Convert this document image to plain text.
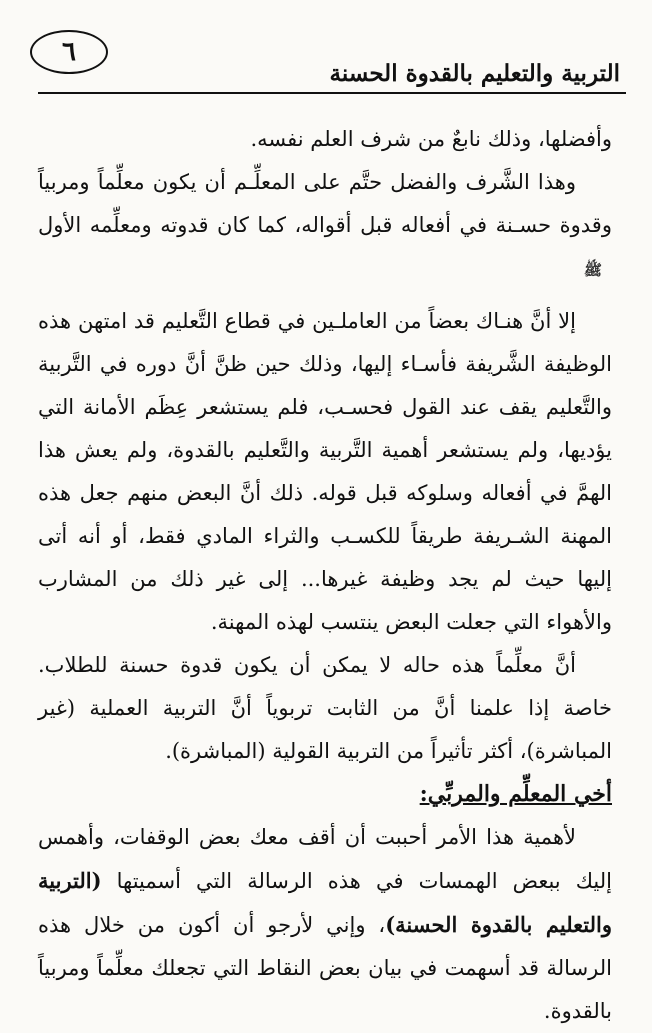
٦
التربية والتعليم بالقدوة الحسنة

وأفضلها، وذلك نابعٌ من شرف العلم نفسه.

وهذا الشَّرف والفضل حتَّم على المعلِّـم أن يكون معلِّماً ومربياً وقدوة حسـنة في أفعاله قبل أقواله، كما كان قدوته ومعلِّمه الأول ﷺ

إلا أنَّ هنـاك بعضاً من العاملـين في قطاع التَّعليم قد امتهن هذه الوظيفة الشَّريفة فأسـاء إليها، وذلك حين ظنَّ أنَّ دوره في التَّربية والتَّعليم يقف عند القول فحسـب، فلم يستشعر عِظَم الأمانة التي يؤديها، ولم يستشعر أهمية التَّربية والتَّعليم بالقدوة، ولم يعش هذا الهمَّ في أفعاله وسلوكه قبل قوله. ذلك أنَّ البعض منهم جعل هذه المهنة الشـريفة طريقاً للكسـب والثراء المادي فقط، أو أنه أتى إليها حيث لم يجد وظيفة غيرها... إلى غير ذلك من المشارب والأهواء التي جعلت البعض ينتسب لهذه المهنة.

أنَّ معلِّماً هذه حاله لا يمكن أن يكون قدوة حسنة للطلاب. خاصة إذا علمنا أنَّ من الثابت تربوياً أنَّ التربية العملية (غير المباشرة)، أكثر تأثيراً من التربية القولية (المباشرة).

أخي المعلِّم والمربِّي:

لأهمية هذا الأمر أحببت أن أقف معك بعض الوقفات، وأهمس إليك ببعض الهمسات في هذه الرسالة التي أسميتها (التربية والتعليم بالقدوة الحسنة)، وإني لأرجو أن أكون من خلال هذه الرسالة قد أسهمت في بيان بعض النقاط التي تجعلك معلِّماً ومربياً بالقدوة.
